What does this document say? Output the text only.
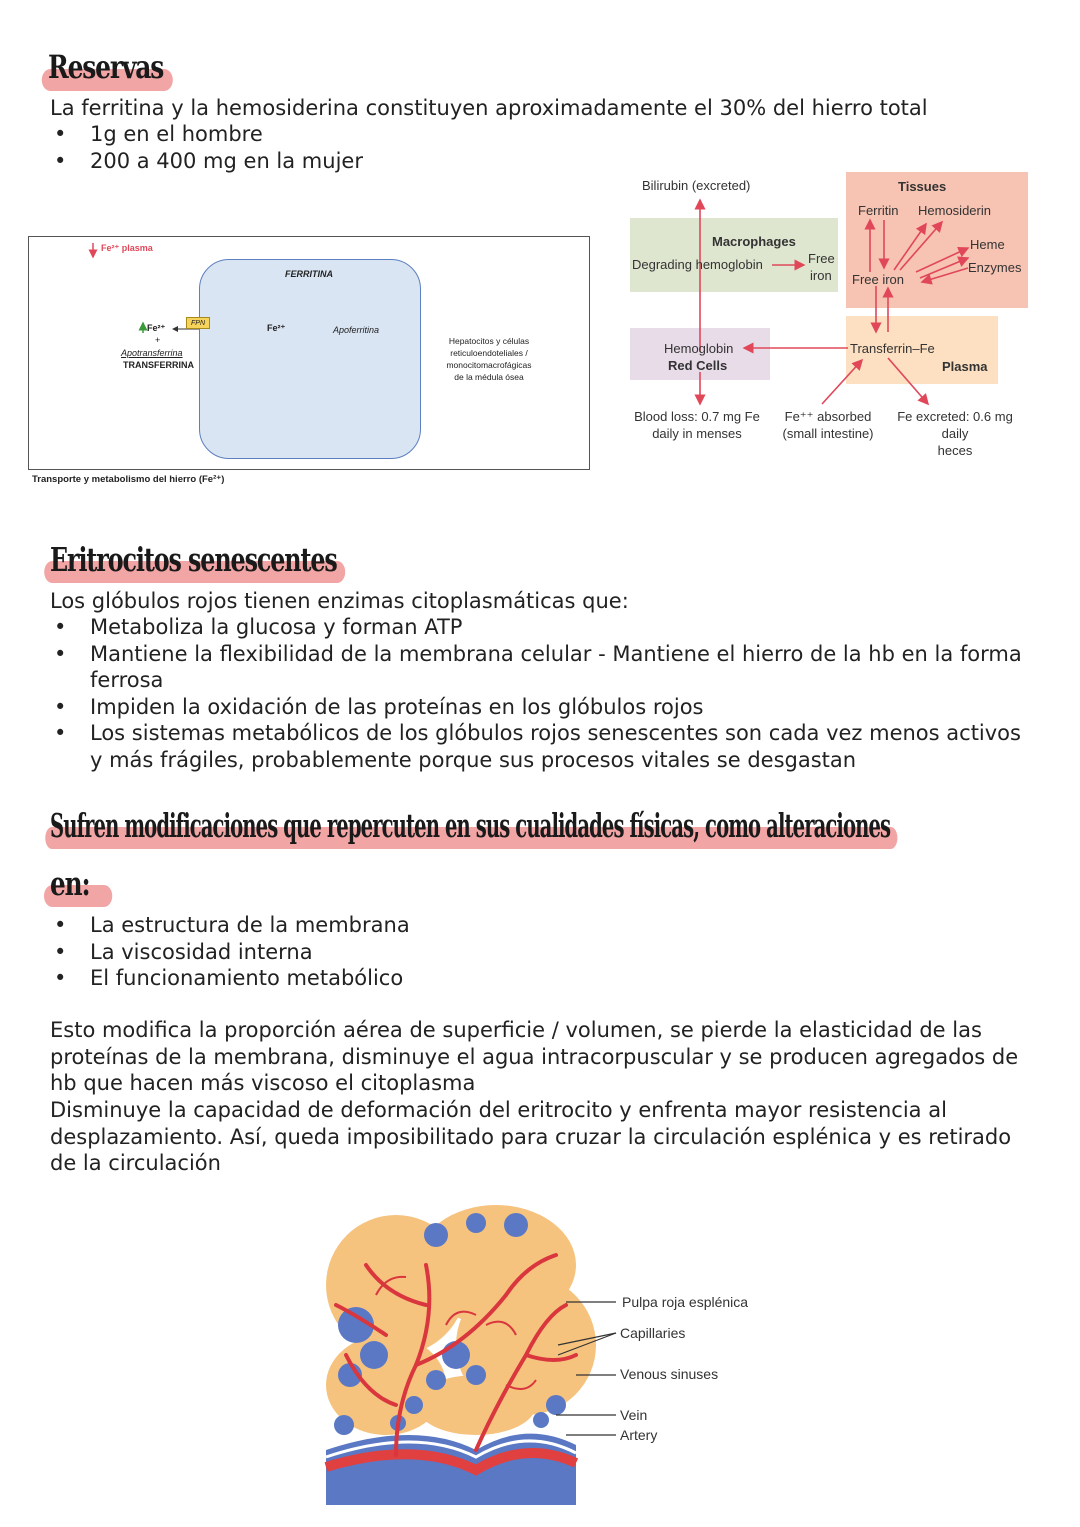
Reservas
La ferritina y la hemosiderina constituyen aproximadamente el 30% del hierro total
• 1g en el hombre
• 200 a 400 mg en la mujer
Fe²⁺ plasma
FERRITINA
Fe²⁺	Apoferritina
FPN
Fe²⁺
+
Apotransferrina
TRANSFERRINA
Hepatocitos y células
reticuloendoteliales /
monocitomacrofágicas
de la médula ósea
Transporte y metabolismo del hierro (Fe²⁺)
Bilirubin (excreted)	Tissues
Ferritin Hemosiderin
Heme
Enzymes
Macrophages
Degrading hemoglobin	Free
iron Free iron
Hemoglobin
Red Cells
Transferrin–Fe
Plasma
Blood loss: 0.7 mg Fe
daily in menses
Fe⁺⁺ absorbed
(small intestine)
Fe excreted: 0.6 mg
daily
heces
Eritrocitos senescentes
Los glóbulos rojos tienen enzimas citoplasmáticas que:
• Metaboliza la glucosa y forman ATP
• Mantiene la flexibilidad de la membrana celular - Mantiene el hierro de la hb en la forma ferrosa
• Impiden la oxidación de las proteínas en los glóbulos rojos
• Los sistemas metabólicos de los glóbulos rojos senescentes son cada vez menos activos y más frágiles, probablemente porque sus procesos vitales se desgastan
Sufren modificaciones que repercuten en sus cualidades físicas, como alteraciones
en:
• La estructura de la membrana
• La viscosidad interna
• El funcionamiento metabólico
Esto modifica la proporción aérea de superficie / volumen, se pierde la elasticidad de las proteínas de la membrana, disminuye el agua intracorpuscular y se producen agregados de hb que hacen más viscoso el citoplasma
Disminuye la capacidad de deformación del eritrocito y enfrenta mayor resistencia al desplazamiento. Así, queda imposibilitado para cruzar la circulación esplénica y es retirado de la circulación
Pulpa roja esplénica
Capillaries
Venous sinuses
Vein
Artery
